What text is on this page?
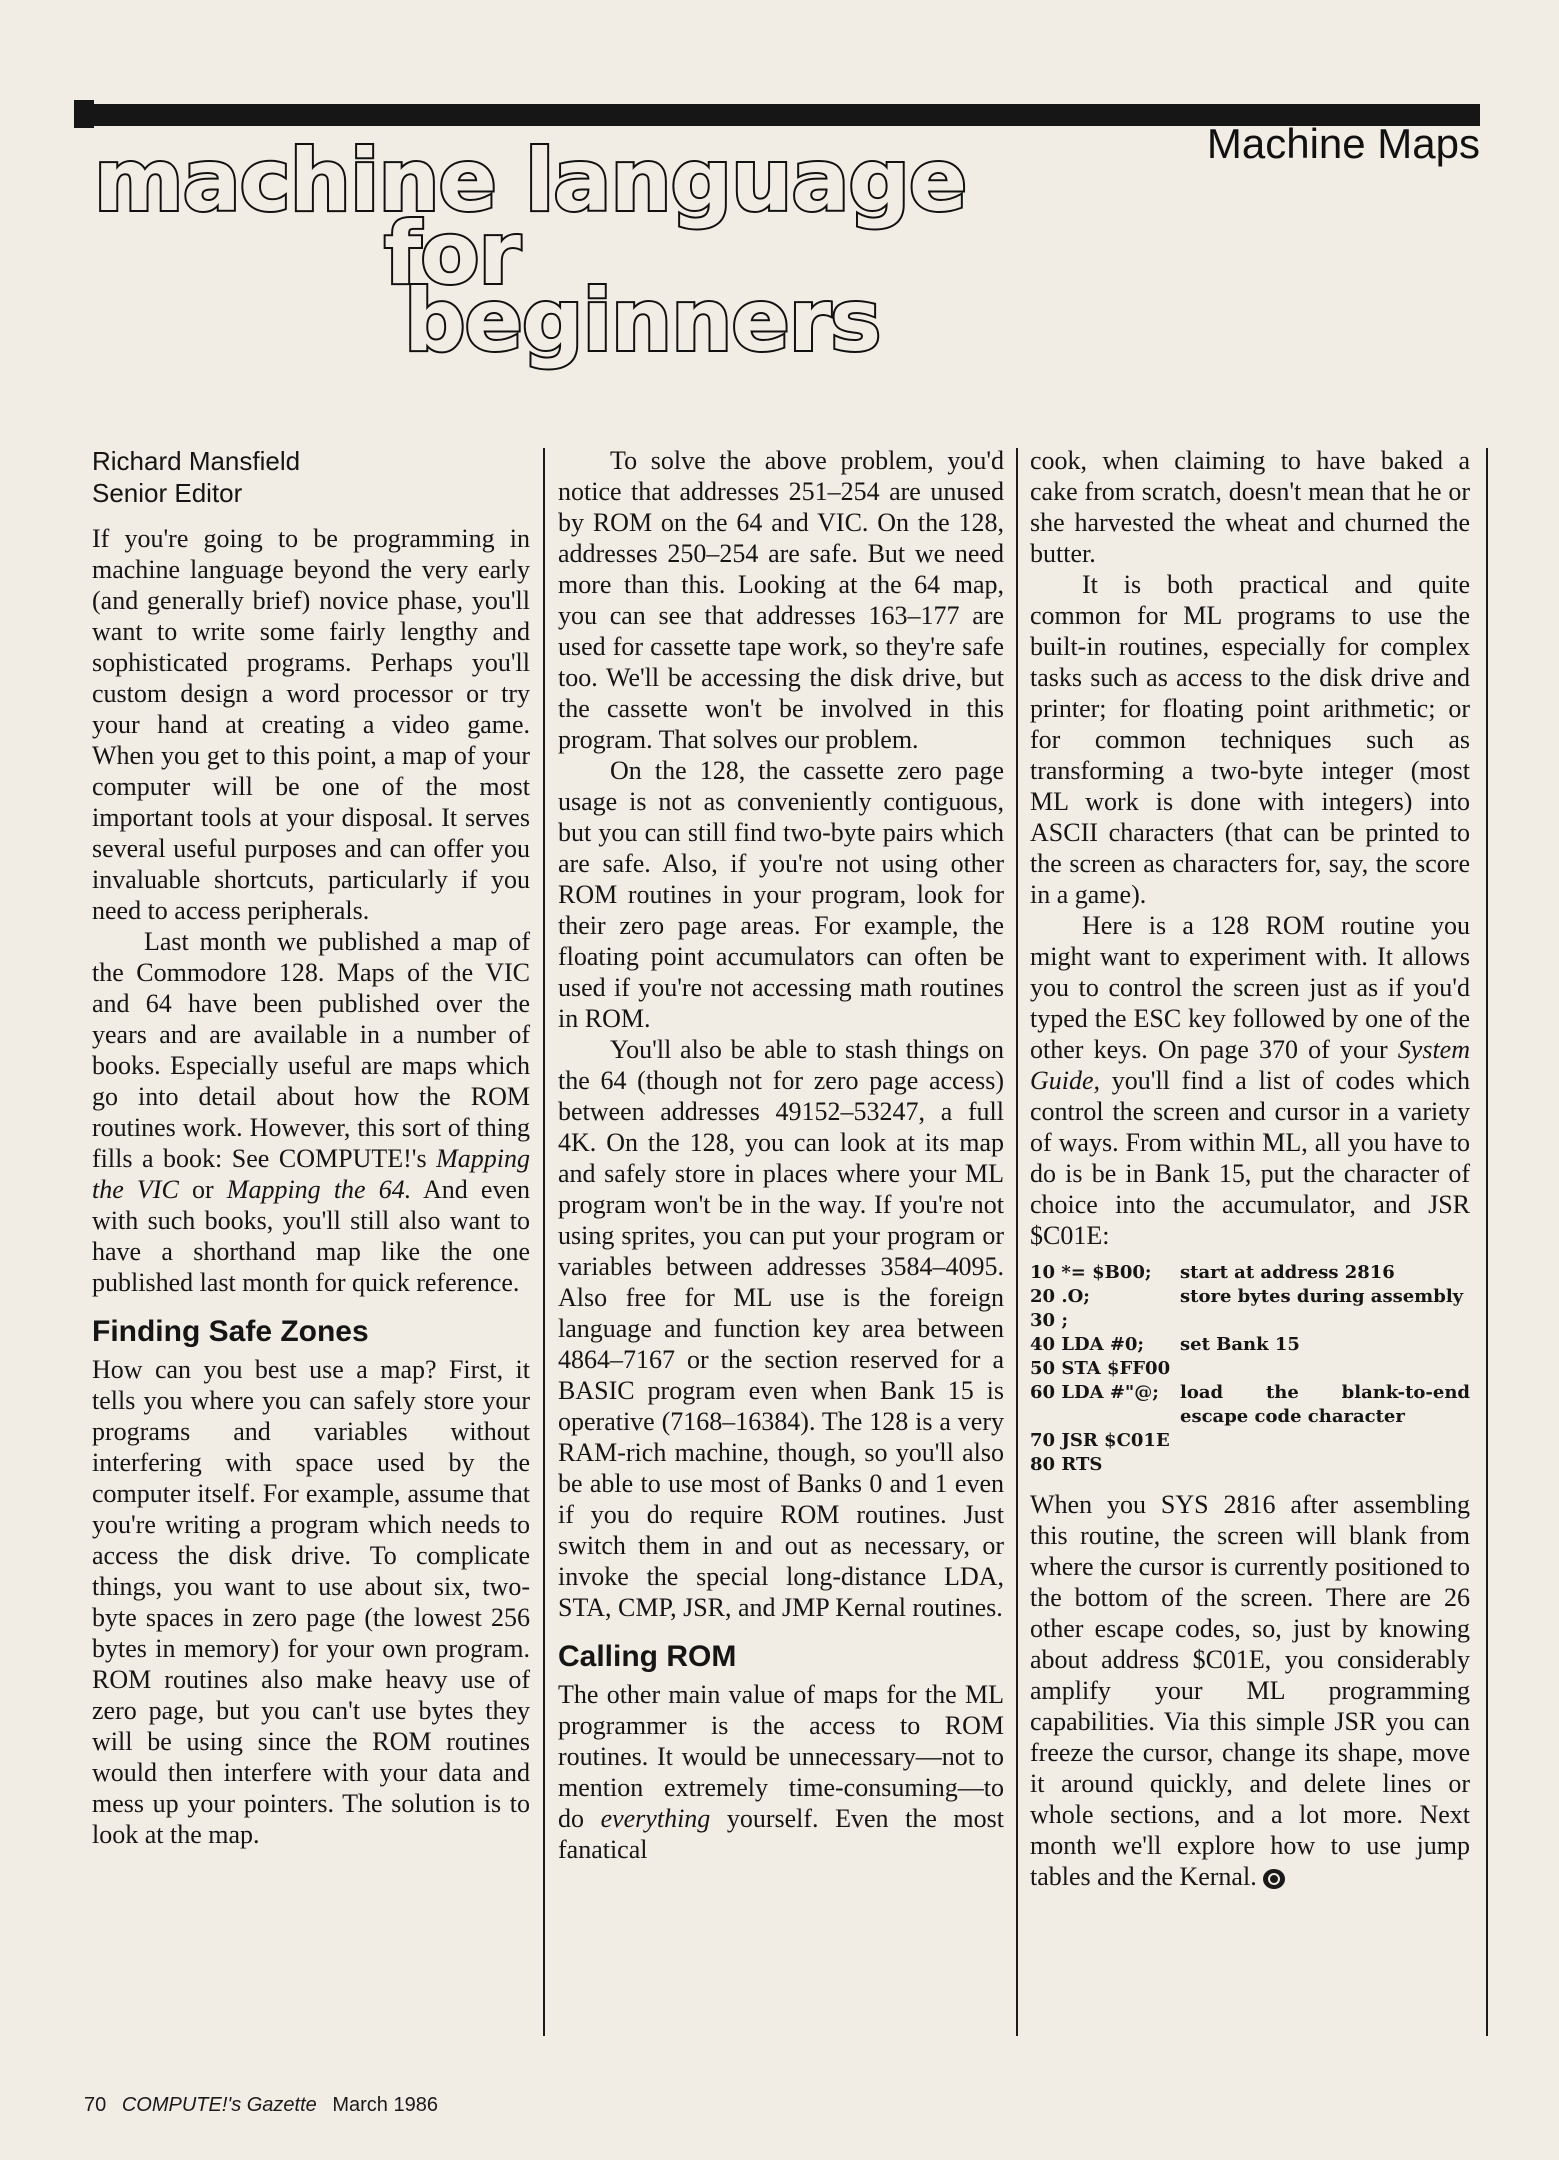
machine language
for
beginners
Machine Maps
Richard Mansfield
Senior Editor

If you're going to be programming in machine language beyond the very early (and generally brief) novice phase, you'll want to write some fairly lengthy and sophisticated programs. Perhaps you'll custom design a word processor or try your hand at creating a video game. When you get to this point, a map of your computer will be one of the most important tools at your disposal. It serves several useful purposes and can offer you invaluable shortcuts, particularly if you need to access peripherals.

Last month we published a map of the Commodore 128. Maps of the VIC and 64 have been published over the years and are available in a number of books. Especially useful are maps which go into detail about how the ROM routines work. However, this sort of thing fills a book: See COMPUTE!'s Mapping the VIC or Mapping the 64. And even with such books, you'll still also want to have a shorthand map like the one published last month for quick reference.

Finding Safe Zones

How can you best use a map? First, it tells you where you can safely store your programs and variables without interfering with space used by the computer itself. For example, assume that you're writing a program which needs to access the disk drive. To complicate things, you want to use about six, two-byte spaces in zero page (the lowest 256 bytes in memory) for your own program. ROM routines also make heavy use of zero page, but you can't use bytes they will be using since the ROM routines would then interfere with your data and mess up your pointers. The solution is to look at the map.

To solve the above problem, you'd notice that addresses 251–254 are unused by ROM on the 64 and VIC. On the 128, addresses 250–254 are safe. But we need more than this. Looking at the 64 map, you can see that addresses 163–177 are used for cassette tape work, so they're safe too. We'll be accessing the disk drive, but the cassette won't be involved in this program. That solves our problem.

On the 128, the cassette zero page usage is not as conveniently contiguous, but you can still find two-byte pairs which are safe. Also, if you're not using other ROM routines in your program, look for their zero page areas. For example, the floating point accumulators can often be used if you're not accessing math routines in ROM.

You'll also be able to stash things on the 64 (though not for zero page access) between addresses 49152–53247, a full 4K. On the 128, you can look at its map and safely store in places where your ML program won't be in the way. If you're not using sprites, you can put your program or variables between addresses 3584–4095. Also free for ML use is the foreign language and function key area between 4864–7167 or the section reserved for a BASIC program even when Bank 15 is operative (7168–16384). The 128 is a very RAM-rich machine, though, so you'll also be able to use most of Banks 0 and 1 even if you do require ROM routines. Just switch them in and out as necessary, or invoke the special long-distance LDA, STA, CMP, JSR, and JMP Kernal routines.

Calling ROM

The other main value of maps for the ML programmer is the access to ROM routines. It would be unnecessary—not to mention extremely time-consuming—to do everything yourself. Even the most fanatical

cook, when claiming to have baked a cake from scratch, doesn't mean that he or she harvested the wheat and churned the butter.

It is both practical and quite common for ML programs to use the built-in routines, especially for complex tasks such as access to the disk drive and printer; for floating point arithmetic; or for common techniques such as transforming a two-byte integer (most ML work is done with integers) into ASCII characters (that can be printed to the screen as characters for, say, the score in a game).

Here is a 128 ROM routine you might want to experiment with. It allows you to control the screen just as if you'd typed the ESC key followed by one of the other keys. On page 370 of your System Guide, you'll find a list of codes which control the screen and cursor in a variety of ways. From within ML, all you have to do is be in Bank 15, put the character of choice into the accumulator, and JSR $C01E:

10 *= $B00;	start at address 2816
20 .O;	store bytes during assembly
30 ;
40 LDA #0;	set Bank 15
50 STA $FF00
60 LDA #"@;	load the blank-to-end escape code character
70 JSR $C01E
80 RTS

When you SYS 2816 after assembling this routine, the screen will blank from where the cursor is currently positioned to the bottom of the screen. There are 26 other escape codes, so, just by knowing about address $C01E, you considerably amplify your ML programming capabilities. Via this simple JSR you can freeze the cursor, change its shape, move it around quickly, and delete lines or whole sections, and a lot more. Next month we'll explore how to use jump tables and the Kernal.

70 COMPUTE!'s Gazette March 1986
